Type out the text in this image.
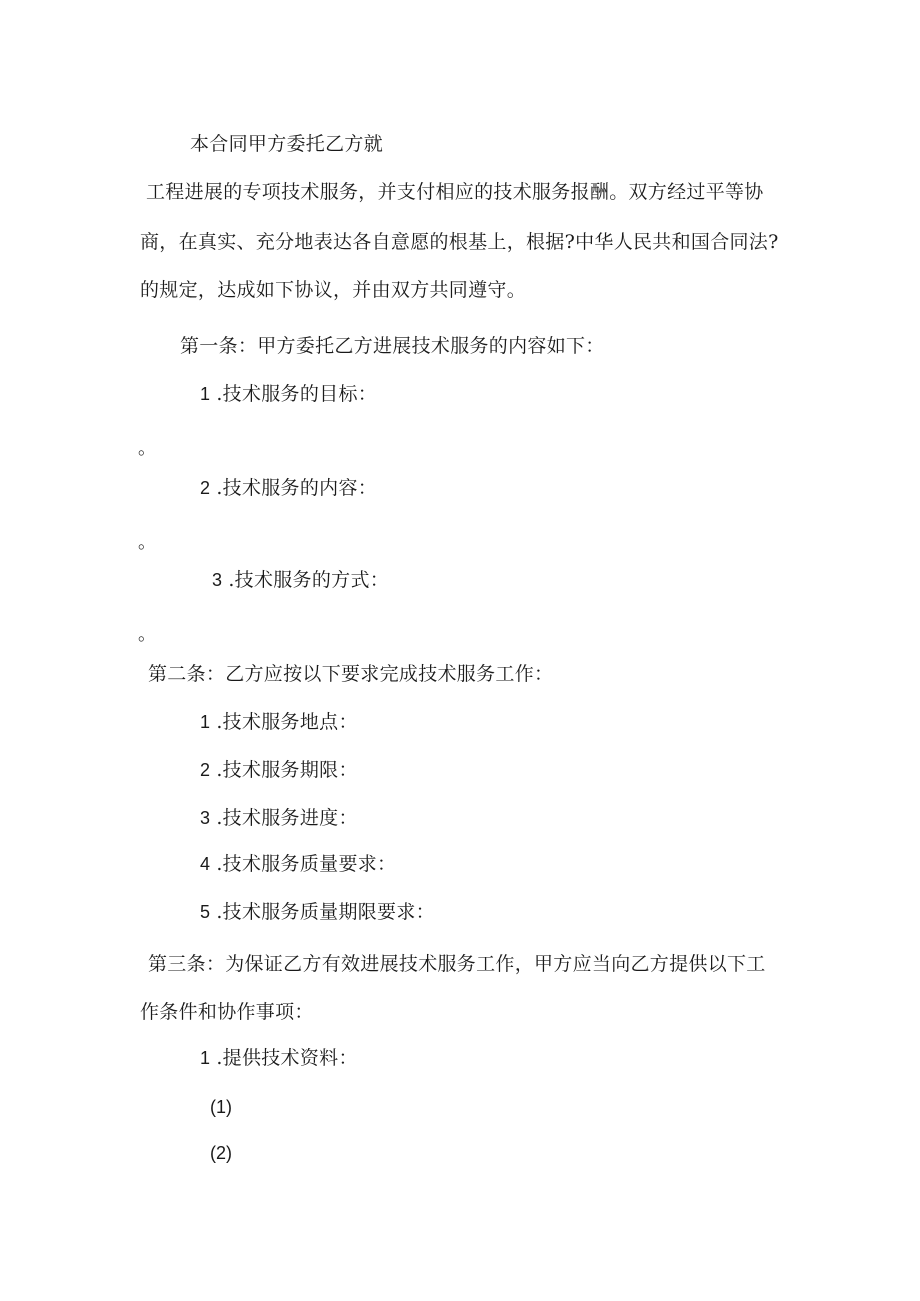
本合同甲方委托乙方就
工程进展的专项技术服务，并支付相应的技术服务报酬。双方经过平等协
商，在真实、充分地表达各自意愿的根基上，根据?中华人民共和国合同法?
的规定，达成如下协议，并由双方共同遵守。
第一条：甲方委托乙方进展技术服务的内容如下：
1 .技术服务的目标：
。
2 .技术服务的内容：
。
3 .技术服务的方式：
。
第二条：乙方应按以下要求完成技术服务工作：
1 .技术服务地点：
2 .技术服务期限：
3 .技术服务进度：
4 .技术服务质量要求：
5 .技术服务质量期限要求：
第三条：为保证乙方有效进展技术服务工作，甲方应当向乙方提供以下工
作条件和协作事项：
1 .提供技术资料：
(1)
(2)
